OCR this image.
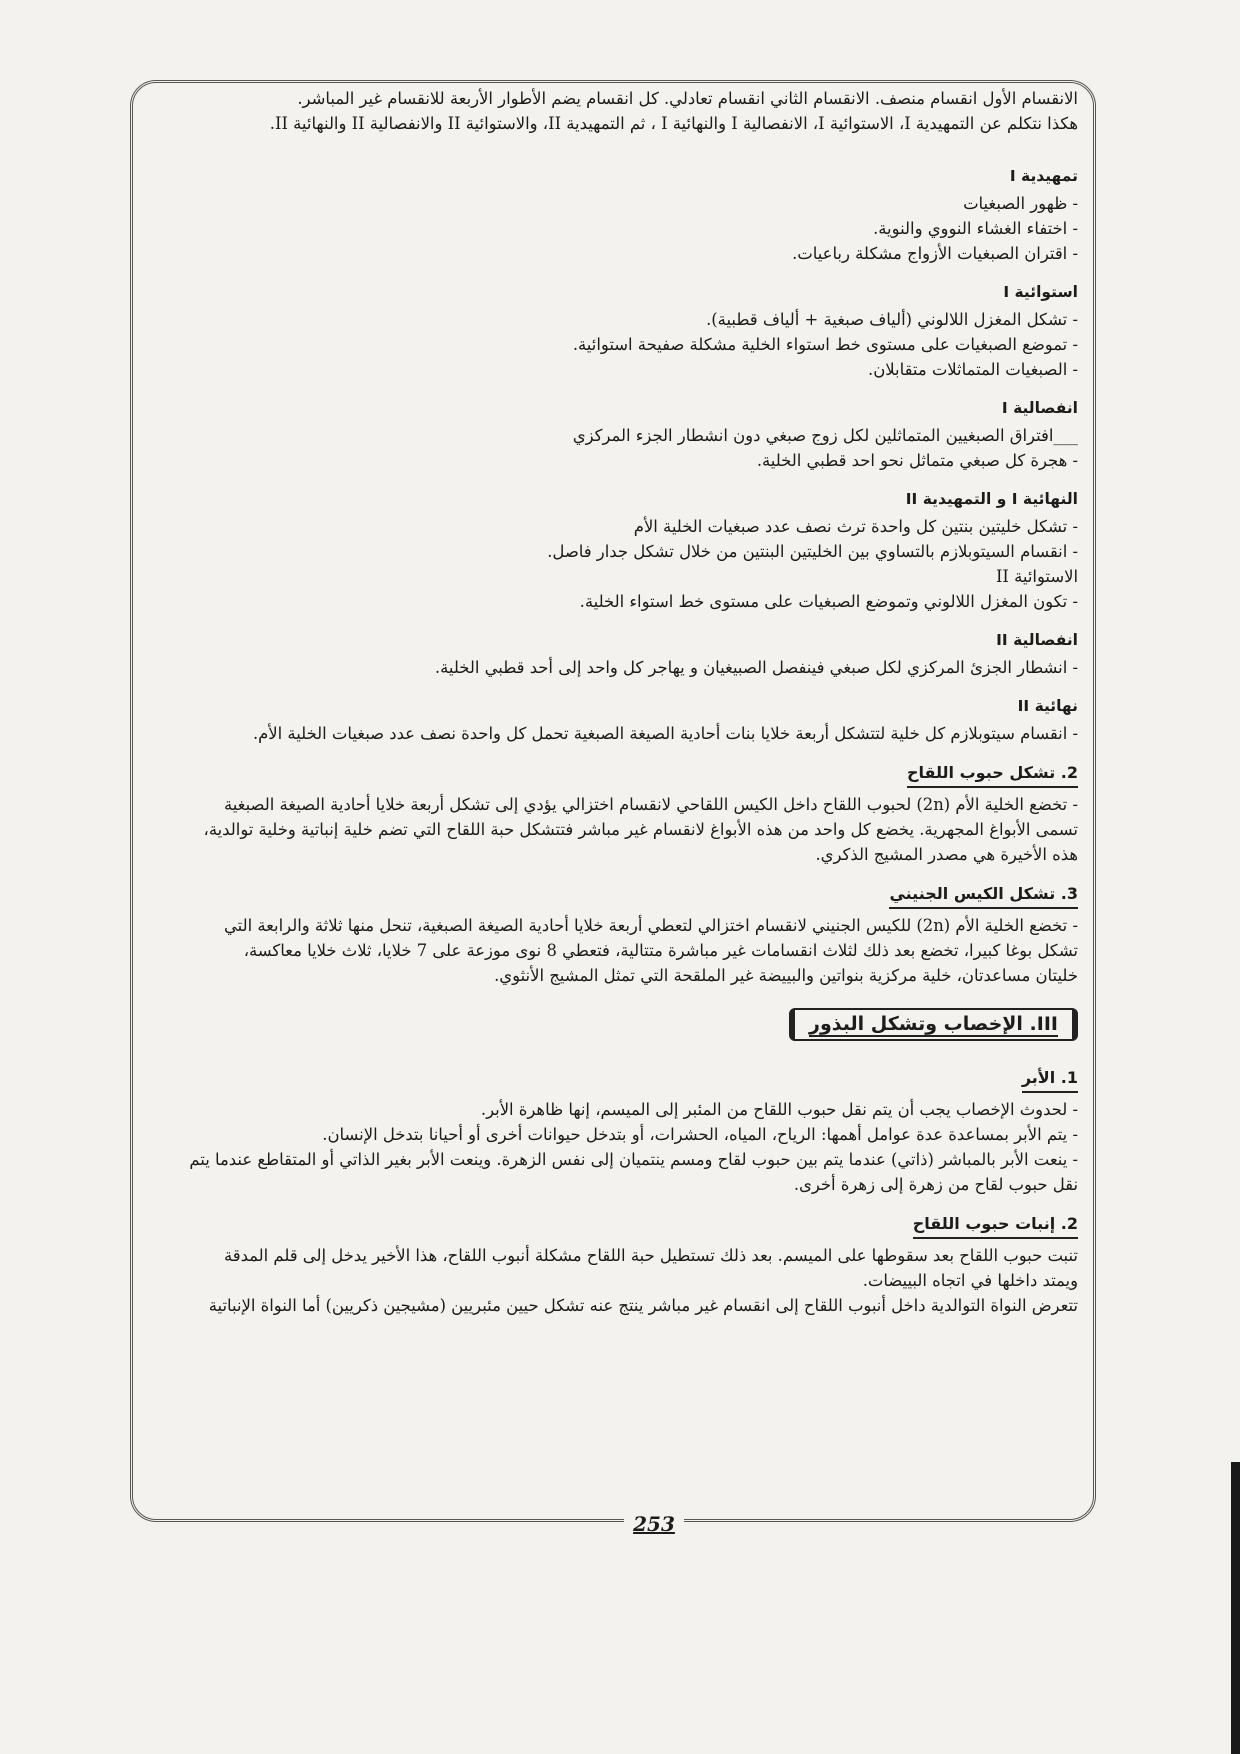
الانقسام الأول انقسام منصف. الانقسام الثاني انقسام تعادلي. كل انقسام يضم الأطوار الأربعة للانقسام غير المباشر.

هكذا نتكلم عن التمهيدية I، الاستوائية I، الانفصالية I والنهائية I ، ثم التمهيدية II، والاستوائية II والانفصالية II والنهائية II.

تمهيدية I

- ظهور الصبغيات

- اختفاء الغشاء النووي والنوية.

- اقتران الصبغيات الأزواج مشكلة رباعيات.

استوائية I

- تشكل المغزل اللالوني (ألياف صبغية + ألياف قطبية).

- تموضع الصبغيات على مستوى خط استواء الخلية مشكلة صفيحة استوائية.

- الصبغيات المتماثلات متقابلان.

انفصالية I

___افتراق الصبغيين المتماثلين لكل زوج صبغي دون انشطار الجزء المركزي

- هجرة كل صبغي متماثل نحو احد قطبي الخلية.

النهائية I و التمهيدية II

- تشكل خليتين بنتين كل واحدة ترث نصف عدد صبغيات الخلية الأم

- انقسام السيتوبلازم بالتساوي بين الخليتين البنتين من خلال تشكل جدار فاصل.

الاستوائية II

- تكون المغزل اللالوني وتموضع الصبغيات على مستوى خط استواء الخلية.

انفصالية II

- انشطار الجزئ المركزي لكل صبغي فينفصل الصبيغيان و يهاجر كل واحد إلى أحد قطبي الخلية.

نهائية II

- انقسام سيتوبلازم كل خلية لتتشكل أربعة خلايا بنات أحادية الصيغة الصبغية تحمل كل واحدة نصف عدد صبغيات الخلية الأم.

2. تشكل حبوب اللقاح

- تخضع الخلية الأم (2n) لحبوب اللقاح داخل الكيس اللقاحي لانقسام اختزالي يؤدي إلى تشكل أربعة خلايا أحادية الصيغة الصبغية

تسمى الأبواغ المجهرية. يخضع كل واحد من هذه الأبواغ لانقسام غير مباشر فتتشكل حبة اللقاح التي تضم خلية إنباتية وخلية توالدية،

هذه الأخيرة هي مصدر المشيج الذكري.

3. تشكل الكيس الجنيني

- تخضع الخلية الأم (2n) للكيس الجنيني لانقسام اختزالي لتعطي أربعة خلايا أحادية الصيغة الصبغية، تنحل منها ثلاثة والرابعة التي

تشكل بوغا كبيرا، تخضع بعد ذلك لثلاث انقسامات غير مباشرة متتالية، فتعطي 8 نوى موزعة على 7 خلايا، ثلاث خلايا معاكسة،

خليتان مساعدتان، خلية مركزية بنواتين والبييضة غير الملقحة التي تمثل المشيج الأنثوي.

III. الإخصاب وتشكل البذور
1. الأبر

- لحدوث الإخصاب يجب أن يتم نقل حبوب اللقاح من المئبر إلى الميسم، إنها ظاهرة الأبر.

- يتم الأبر بمساعدة عدة عوامل أهمها: الرياح، المياه، الحشرات، أو بتدخل حيوانات أخرى أو أحيانا بتدخل الإنسان.

- ينعت الأبر بالمباشر (ذاتي) عندما يتم بين حبوب لقاح ومسم ينتميان إلى نفس الزهرة. وينعت الأبر بغير الذاتي أو المتقاطع عندما يتم

نقل حبوب لقاح من زهرة إلى زهرة أخرى.

2. إنبات حبوب اللقاح

تنبت حبوب اللقاح بعد سقوطها على الميسم. بعد ذلك تستطيل حبة اللقاح مشكلة أنبوب اللقاح، هذا الأخير يدخل إلى قلم المدقة

ويمتد داخلها في اتجاه البييضات.

تتعرض النواة التوالدية داخل أنبوب اللقاح إلى انقسام غير مباشر ينتج عنه تشكل حيين مئبريين (مشيجين ذكريين) أما النواة الإنباتية

253
